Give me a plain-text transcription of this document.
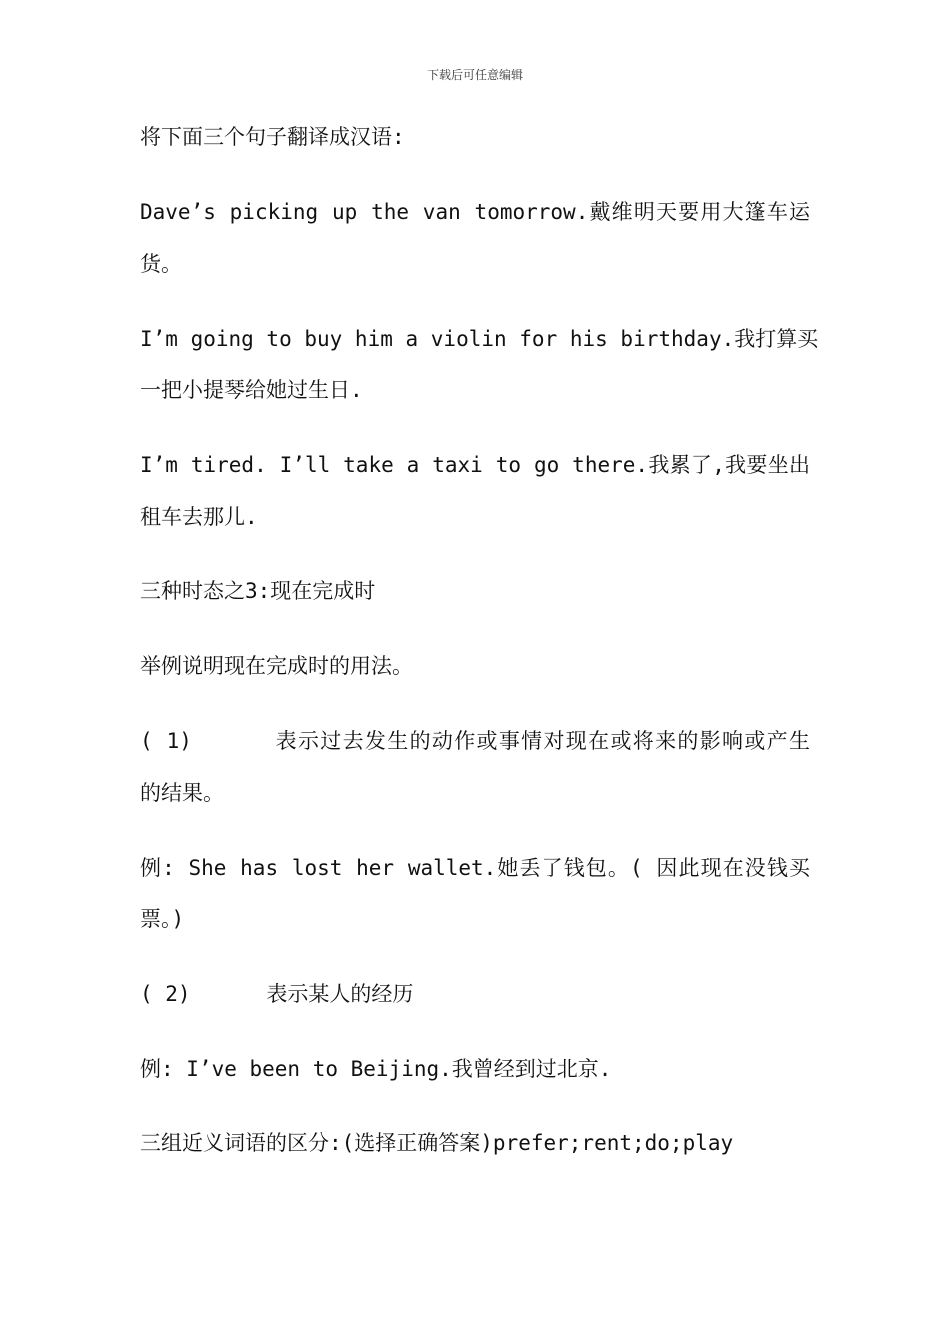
下载后可任意编辑
将下面三个句子翻译成汉语:
Dave’s picking up the van tomorrow.戴维明天要用大篷车运
货。
I’m going to buy him a violin for his birthday.我打算买
一把小提琴给她过生日.
I’m tired. I’ll take a taxi to go there.我累了,我要坐出
租车去那儿.
三种时态之3:现在完成时
举例说明现在完成时的用法。
( 1)      表示过去发生的动作或事情对现在或将来的影响或产生
的结果。
例: She has lost her wallet.她丢了钱包。( 因此现在没钱买
票。)
( 2)      表示某人的经历
例: I’ve been to Beijing.我曾经到过北京.
三组近义词语的区分:(选择正确答案)prefer;rent;do;play
